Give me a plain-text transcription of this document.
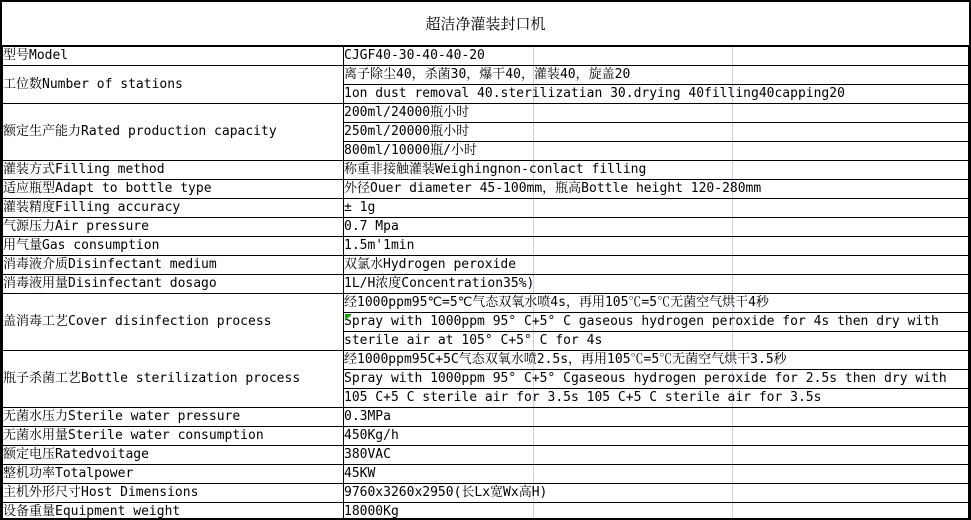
超洁净灌装封口机
型号Model	CJGF40-30-40-40-20
工位数Number of stations	离子除尘40，杀菌30，爆干40，灌装40，旋盖20
	1on dust removal 40.sterilizatian 30.drying 40filling40capping20
额定生产能力Rated production capacity	200ml/24000瓶小时
	250ml/20000瓶小时
	800ml/10000瓶/小时
灌装方式Filling method	称重非接触灌装Weighingnon-conlact filling
适应瓶型Adapt to bottle type	外径Ouer diameter 45-100mm，瓶高Bottle height 120-280mm
灌装精度Filling accuracy	± 1g
气源压力Air pressure	0.7 Mpa
用气量Gas consumption	1.5m'1min
消毒液介质Disinfectant medium	双氯水Hydrogen peroxide
消毒液用量Disinfectant dosago	1L/H浓度Concentration35%)
盖消毒工艺Cover disinfection process	经1000ppm95℃=5℃气态双氧水喷4s，再用105℃=5℃无菌空气烘干4秒
	Spray with 1000ppm 95° C+5° C gaseous hydrogen peroxide for 4s then dry with
	sterile air at 105° C+5° C for 4s
瓶子杀菌工艺Bottle sterilization process	经1000ppm95C+5C气态双氧水喷2.5s，再用105℃=5℃无菌空气烘干3.5秒
	Spray with 1000ppm 95° C+5° Cgaseous hydrogen peroxide for 2.5s then dry with
	105 C+5 C sterile air for 3.5s 105 C+5 C sterile air for 3.5s
无菌水压力Sterile water pressure	0.3MPa
无菌水用量Sterile water consumption	450Kg/h
额定电压Ratedvoitage	380VAC
整机功率Totalpower	45KW
主机外形尺寸Host Dimensions	9760x3260x2950(长Lx宽Wx高H)
设备重量Equipment weight	18000Kg
